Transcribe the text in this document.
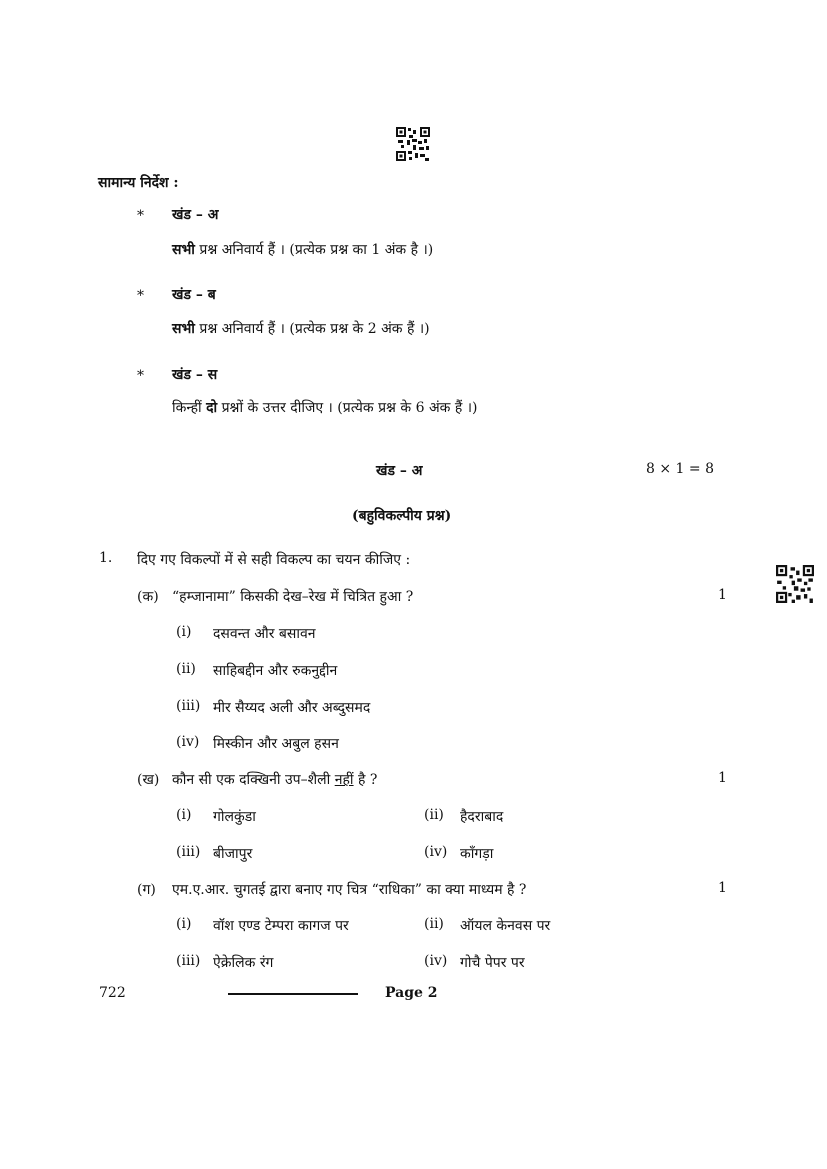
सामान्य निर्देश :
* खंड – अ
सभी प्रश्न अनिवार्य हैं । (प्रत्येक प्रश्न का 1 अंक है ।)
* खंड – ब
सभी प्रश्न अनिवार्य हैं । (प्रत्येक प्रश्न के 2 अंक हैं ।)
* खंड – स
किन्हीं दो प्रश्नों के उत्तर दीजिए । (प्रत्येक प्रश्न के 6 अंक हैं ।)
खंड – अ	8 × 1 = 8
(बहुविकल्पीय प्रश्न)
1. दिए गए विकल्पों में से सही विकल्प का चयन कीजिए :
(क) “हम्जानामा” किसकी देख–रेख में चित्रित हुआ ?	1
(i) दसवन्त और बसावन
(ii) साहिबद्दीन और रुकनुद्दीन
(iii) मीर सैय्यद अली और अब्दुसमद
(iv) मिस्कीन और अबुल हसन
(ख) कौन सी एक दक्खिनी उप–शैली नहीं है ?	1
(i) गोलकुंडा	(ii) हैदराबाद
(iii) बीजापुर	(iv) काँगड़ा
(ग) एम.ए.आर. चुगतई द्वारा बनाए गए चित्र “राधिका” का क्या माध्यम है ?	1
(i) वॉश एण्ड टेम्परा कागज पर	(ii) ऑयल केनवस पर
(iii) ऐक्रेलिक रंग	(iv) गोचै पेपर पर
722	Page 2
